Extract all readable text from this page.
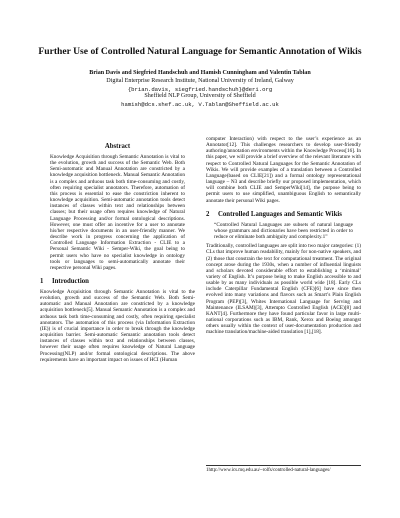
Further Use of Controlled Natural Language for Semantic Annotation of Wikis
Brian Davis and Siegfried Handschuh and Hamish Cunningham and Valentin Tablan
Digital Enterprise Research Institute, National University of Ireland, Galway
{brian.davis, siegfried.handschuh}@deri.org
Sheffield NLP Group, University of Sheffield
hamish@dcs.shef.ac.uk, V.Tablan@Sheffield.ac.uk
Abstract

Knowledge Acquisition through Semantic Annotation is vital to the evolution, growth and success of the Semantic Web. Both Semi-automatic and Manual Annotation are constricted by a knowledge acquisition bottleneck. Manual Semantic Annotation is a complex and arduous task both time-consuming and costly, often requiring specialist annotators. Therefore, automation of this process is essential to ease the constriction inherent to knowledge acquisition. Semi-automatic annotation tools detect instances of classes within text and relationships between classes; but their usage often requires knowledge of Natural Language Processing and/or formal ontological descriptions. However, one must offer an incentive for a user to annotate his/her respective documents in an user-friendly manner. We describe work in progress concerning the application of Controlled Language Information Extraction - CLIE to a Personal Semantic Wiki - Semper-Wiki, the goal being to permit users who have no specialist knowledge in ontology tools or languages to semi-automatically annotate their respective personal Wiki pages.

1	Introduction

Knowledge Acquisition through Semantic Annotation is vital to the evolution, growth and success of the Semantic Web. Both Semi-automatic and Manual Annotation are constricted by a knowledge acquisition bottleneck[5]. Manual Semantic Annotation is a complex and arduous task both time-consuming and costly, often requiring specialist annotators. The automation of this process (via Information Extraction (IE)) is of crucial importance in order to break through the knowledge acquisition barrier. Semi-automatic Semantic annotation tools detect instances of classes within text and relationships between classes, however their usage often requires knowledge of Natural Language Processing(NLP) and/or formal ontological descriptions. The above requirements have an important impact on issues of HCI (Human

computer Interaction) with respect to the user’s experience as an Annotator[12]. This challenges researchers to develop user-friendly authoring/annotation environments within the Knowledge Process[16]. In this paper, we will provide a brief overview of the relevant literature with respect to Controlled Natural Languages for the Semantic Annotation of Wikis. We will provide examples of a translation between a Controlled Language(based on CLIE[21]) and a formal ontology representational language – N3 and describe briefly our proposed implementation, which will combine both CLIE and SemperWiki[14], the purpose being to permit users to use simplified, unambiguous English to semantically annotate their personal Wiki pages.

2	Controlled Languages and Semantic Wikis

“Controlled Natural Languages are subsets of natural language whose grammars and dictionaries have been restricted in order to reduce or eliminate both ambiguity and complexity.1”

Traditionally, controlled languages are split into two major categories: (1) CLs that improve human readability, mainly for non-native speakers, and (2) those that constrain the text for computational treatment. The original concept arose during the 1930s, when a number of influential linguists and scholars devoted considerable effort to establishing a ‘minimal’ variety of English. It’s purpose being to make English accessible to and usable by as many individuals as possible world wide [18]. Early CLs include Caterpillar Fundamental English (CFE)[6] have since then evolved into many variations and flavors such as Smart’s Plain English Program (PEP)[3], Whites International Language for Serving and Maintenance (ILSAM)[3], Attempto Controlled English (ACE)[8] and KANT[4]. Furthermore they have found particular favor in large multi-national corporations such as IBM, Rank, Xerox and Boeing amongst others usually within the context of user-documentation production and machine translation/machine-aided translation [1],[18].

1http://www.ics.mq.edu.au/~rolfs/controlled-natural-languages/
